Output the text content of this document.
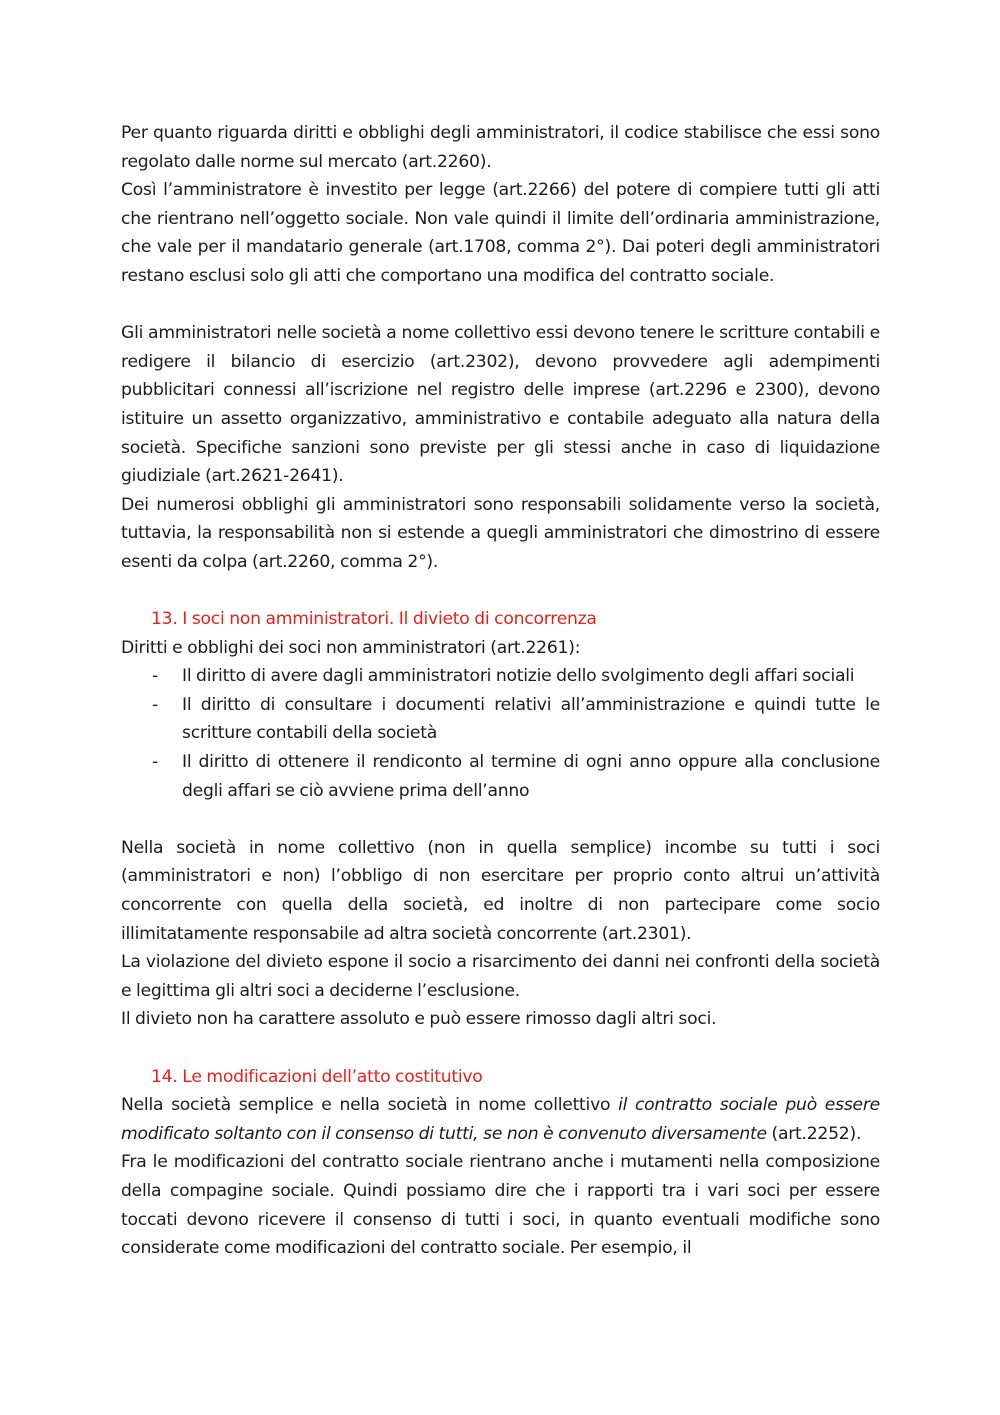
Per quanto riguarda diritti e obblighi degli amministratori, il codice stabilisce che essi sono regolato dalle norme sul mercato (art.2260).

Così l’amministratore è investito per legge (art.2266) del potere di compiere tutti gli atti che rientrano nell’oggetto sociale. Non vale quindi il limite dell’ordinaria amministrazione, che vale per il mandatario generale (art.1708, comma 2°). Dai poteri degli amministratori restano esclusi solo gli atti che comportano una modifica del contratto sociale.

Gli amministratori nelle società a nome collettivo essi devono tenere le scritture contabili e redigere il bilancio di esercizio (art.2302), devono provvedere agli adempimenti pubblicitari connessi all’iscrizione nel registro delle imprese (art.2296 e 2300), devono istituire un assetto organizzativo, amministrativo e contabile adeguato alla natura della società. Specifiche sanzioni sono previste per gli stessi anche in caso di liquidazione giudiziale (art.2621-2641).

Dei numerosi obblighi gli amministratori sono responsabili solidamente verso la società, tuttavia, la responsabilità non si estende a quegli amministratori che dimostrino di essere esenti da colpa (art.2260, comma 2°).

13. I soci non amministratori. Il divieto di concorrenza

Diritti e obblighi dei soci non amministratori (art.2261):

- Il diritto di avere dagli amministratori notizie dello svolgimento degli affari sociali
- Il diritto di consultare i documenti relativi all’amministrazione e quindi tutte le scritture contabili della società
- Il diritto di ottenere il rendiconto al termine di ogni anno oppure alla conclusione degli affari se ciò avviene prima dell’anno

Nella società in nome collettivo (non in quella semplice) incombe su tutti i soci (amministratori e non) l’obbligo di non esercitare per proprio conto altrui un’attività concorrente con quella della società, ed inoltre di non partecipare come socio illimitatamente responsabile ad altra società concorrente (art.2301).

La violazione del divieto espone il socio a risarcimento dei danni nei confronti della società e legittima gli altri soci a deciderne l’esclusione.

Il divieto non ha carattere assoluto e può essere rimosso dagli altri soci.

14. Le modificazioni dell’atto costitutivo

Nella società semplice e nella società in nome collettivo il contratto sociale può essere modificato soltanto con il consenso di tutti, se non è convenuto diversamente (art.2252).

Fra le modificazioni del contratto sociale rientrano anche i mutamenti nella composizione della compagine sociale. Quindi possiamo dire che i rapporti tra i vari soci per essere toccati devono ricevere il consenso di tutti i soci, in quanto eventuali modifiche sono considerate come modificazioni del contratto sociale. Per esempio, il
